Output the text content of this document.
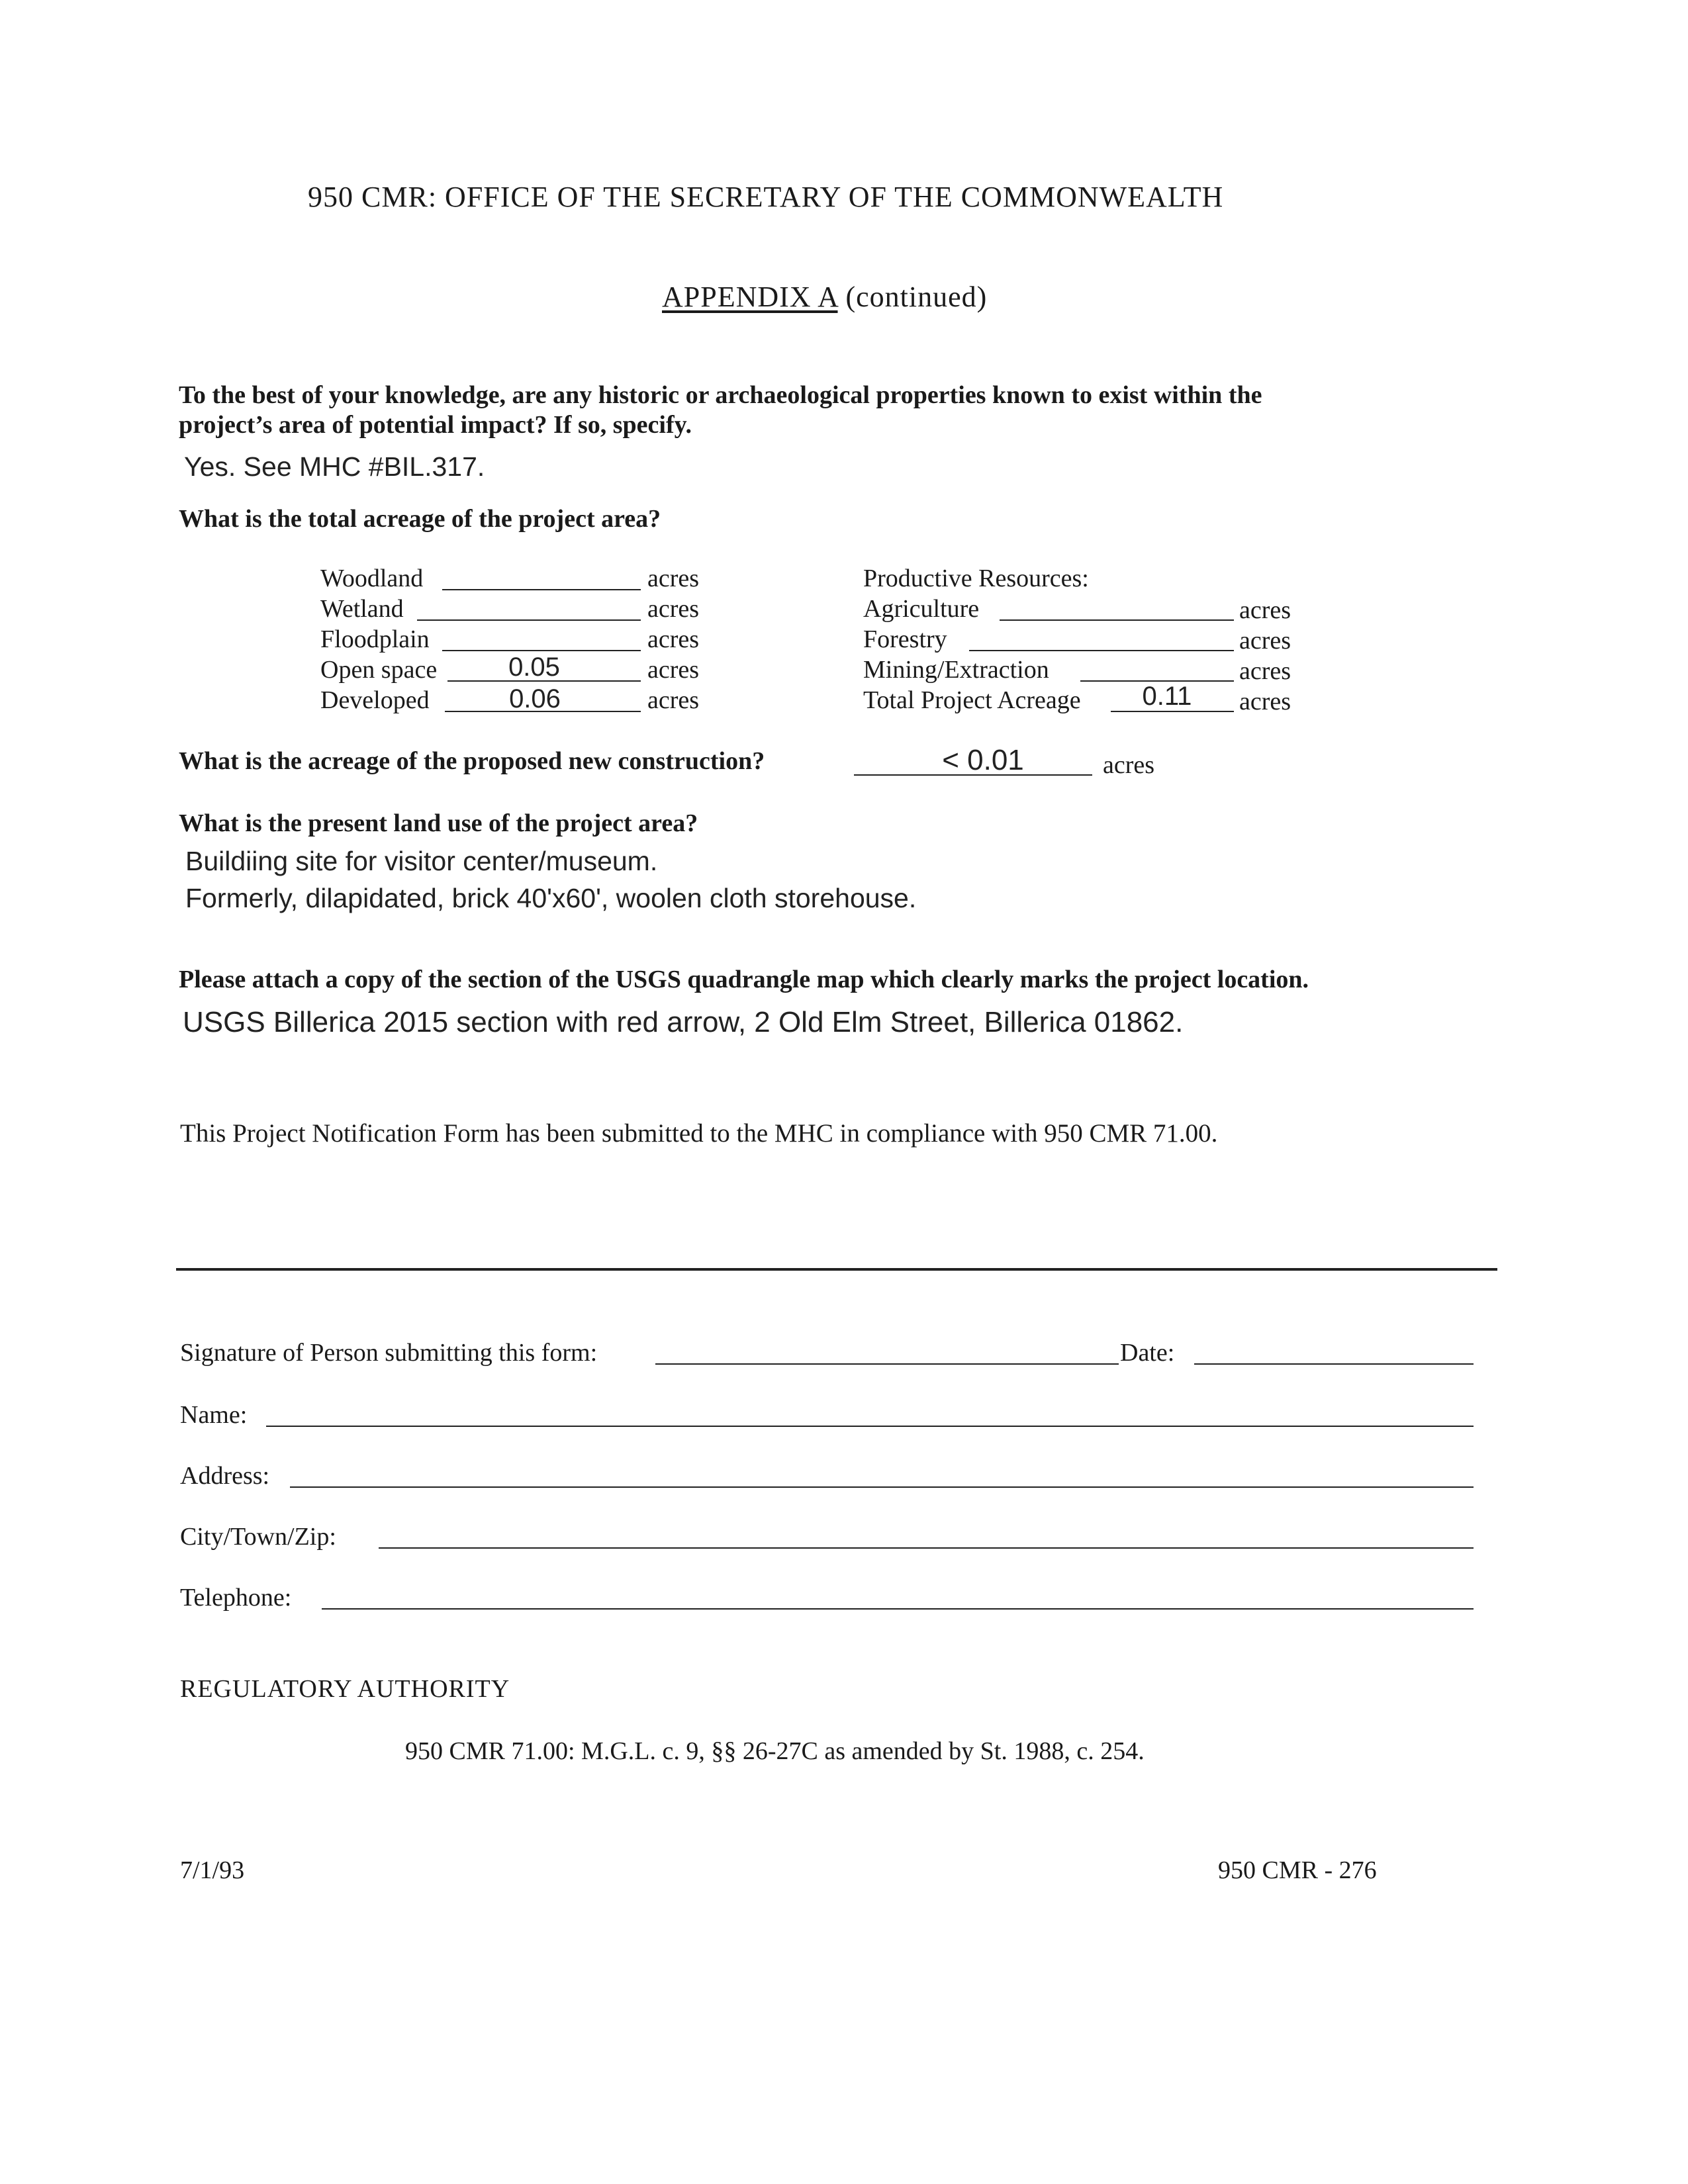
950 CMR: OFFICE OF THE SECRETARY OF THE COMMONWEALTH
APPENDIX A (continued)
To the best of your knowledge, are any historic or archaeological properties known to exist within the
project’s area of potential impact? If so, specify.
Yes. See MHC #BIL.317.
What is the total acreage of the project area?
Woodland	acres
Wetland	acres
Floodplain	acres
Open space	0.05	acres
Developed	0.06	acres
Productive Resources:
Agriculture	acres
Forestry	acres
Mining/Extraction	acres
Total Project Acreage	0.11	acres
What is the acreage of the proposed new construction?	< 0.01	acres
What is the present land use of the project area?
Buildiing site for visitor center/museum.
Formerly, dilapidated, brick 40'x60', woolen cloth storehouse.
Please attach a copy of the section of the USGS quadrangle map which clearly marks the project location.
USGS Billerica 2015 section with red arrow, 2 Old Elm Street, Billerica 01862.
This Project Notification Form has been submitted to the MHC in compliance with 950 CMR 71.00.
Signature of Person submitting this form:	Date:
Name:
Address:
City/Town/Zip:
Telephone:
REGULATORY AUTHORITY
950 CMR 71.00: M.G.L. c. 9, §§ 26-27C as amended by St. 1988, c. 254.
7/1/93	950 CMR - 276
